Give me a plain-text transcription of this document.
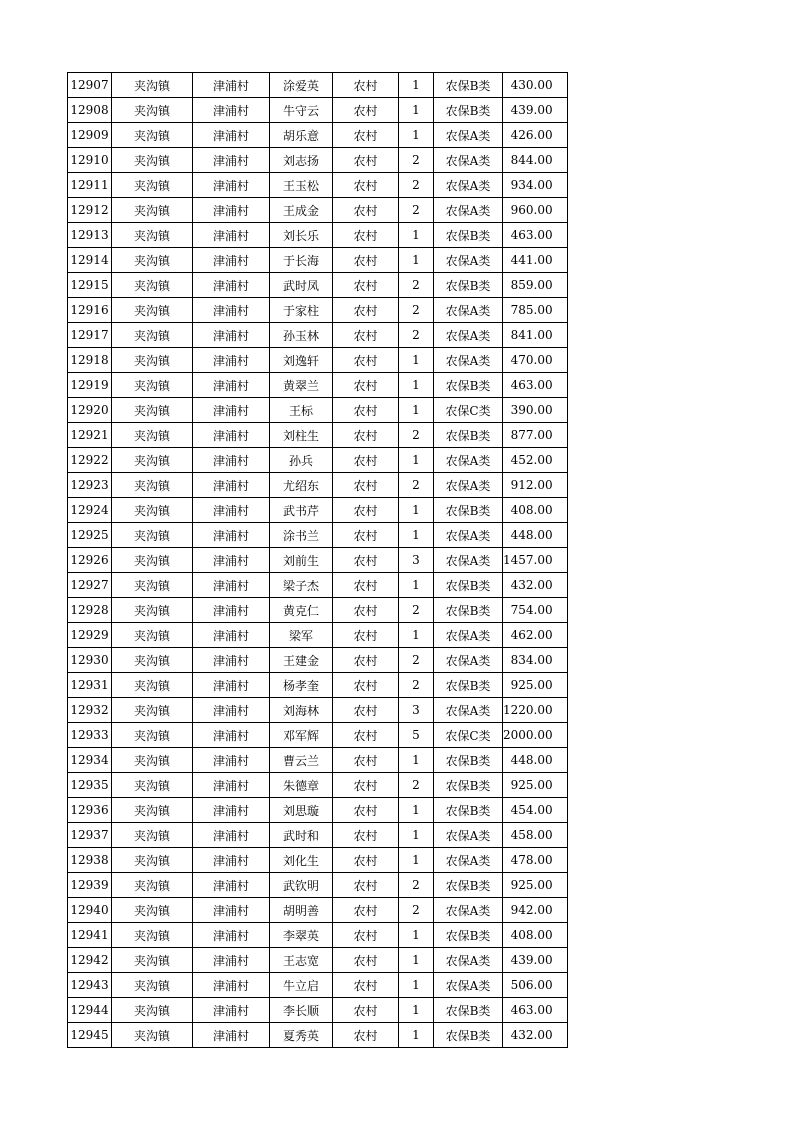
12907	夹沟镇	津浦村	涂爱英	农村	1	农保B类	430.00
12908	夹沟镇	津浦村	牛守云	农村	1	农保B类	439.00
12909	夹沟镇	津浦村	胡乐意	农村	1	农保A类	426.00
12910	夹沟镇	津浦村	刘志扬	农村	2	农保A类	844.00
12911	夹沟镇	津浦村	王玉松	农村	2	农保A类	934.00
12912	夹沟镇	津浦村	王成金	农村	2	农保A类	960.00
12913	夹沟镇	津浦村	刘长乐	农村	1	农保B类	463.00
12914	夹沟镇	津浦村	于长海	农村	1	农保A类	441.00
12915	夹沟镇	津浦村	武时凤	农村	2	农保B类	859.00
12916	夹沟镇	津浦村	于家柱	农村	2	农保A类	785.00
12917	夹沟镇	津浦村	孙玉林	农村	2	农保A类	841.00
12918	夹沟镇	津浦村	刘逸轩	农村	1	农保A类	470.00
12919	夹沟镇	津浦村	黄翠兰	农村	1	农保B类	463.00
12920	夹沟镇	津浦村	王标	农村	1	农保C类	390.00
12921	夹沟镇	津浦村	刘柱生	农村	2	农保B类	877.00
12922	夹沟镇	津浦村	孙兵	农村	1	农保A类	452.00
12923	夹沟镇	津浦村	尤绍东	农村	2	农保A类	912.00
12924	夹沟镇	津浦村	武书芹	农村	1	农保B类	408.00
12925	夹沟镇	津浦村	涂书兰	农村	1	农保A类	448.00
12926	夹沟镇	津浦村	刘前生	农村	3	农保A类	1457.00
12927	夹沟镇	津浦村	梁子杰	农村	1	农保B类	432.00
12928	夹沟镇	津浦村	黄克仁	农村	2	农保B类	754.00
12929	夹沟镇	津浦村	梁军	农村	1	农保A类	462.00
12930	夹沟镇	津浦村	王建金	农村	2	农保A类	834.00
12931	夹沟镇	津浦村	杨孝奎	农村	2	农保B类	925.00
12932	夹沟镇	津浦村	刘海林	农村	3	农保A类	1220.00
12933	夹沟镇	津浦村	邓军辉	农村	5	农保C类	2000.00
12934	夹沟镇	津浦村	曹云兰	农村	1	农保B类	448.00
12935	夹沟镇	津浦村	朱德章	农村	2	农保B类	925.00
12936	夹沟镇	津浦村	刘思璇	农村	1	农保B类	454.00
12937	夹沟镇	津浦村	武时和	农村	1	农保A类	458.00
12938	夹沟镇	津浦村	刘化生	农村	1	农保A类	478.00
12939	夹沟镇	津浦村	武钦明	农村	2	农保B类	925.00
12940	夹沟镇	津浦村	胡明善	农村	2	农保A类	942.00
12941	夹沟镇	津浦村	李翠英	农村	1	农保B类	408.00
12942	夹沟镇	津浦村	王志宽	农村	1	农保A类	439.00
12943	夹沟镇	津浦村	牛立启	农村	1	农保A类	506.00
12944	夹沟镇	津浦村	李长顺	农村	1	农保B类	463.00
12945	夹沟镇	津浦村	夏秀英	农村	1	农保B类	432.00
